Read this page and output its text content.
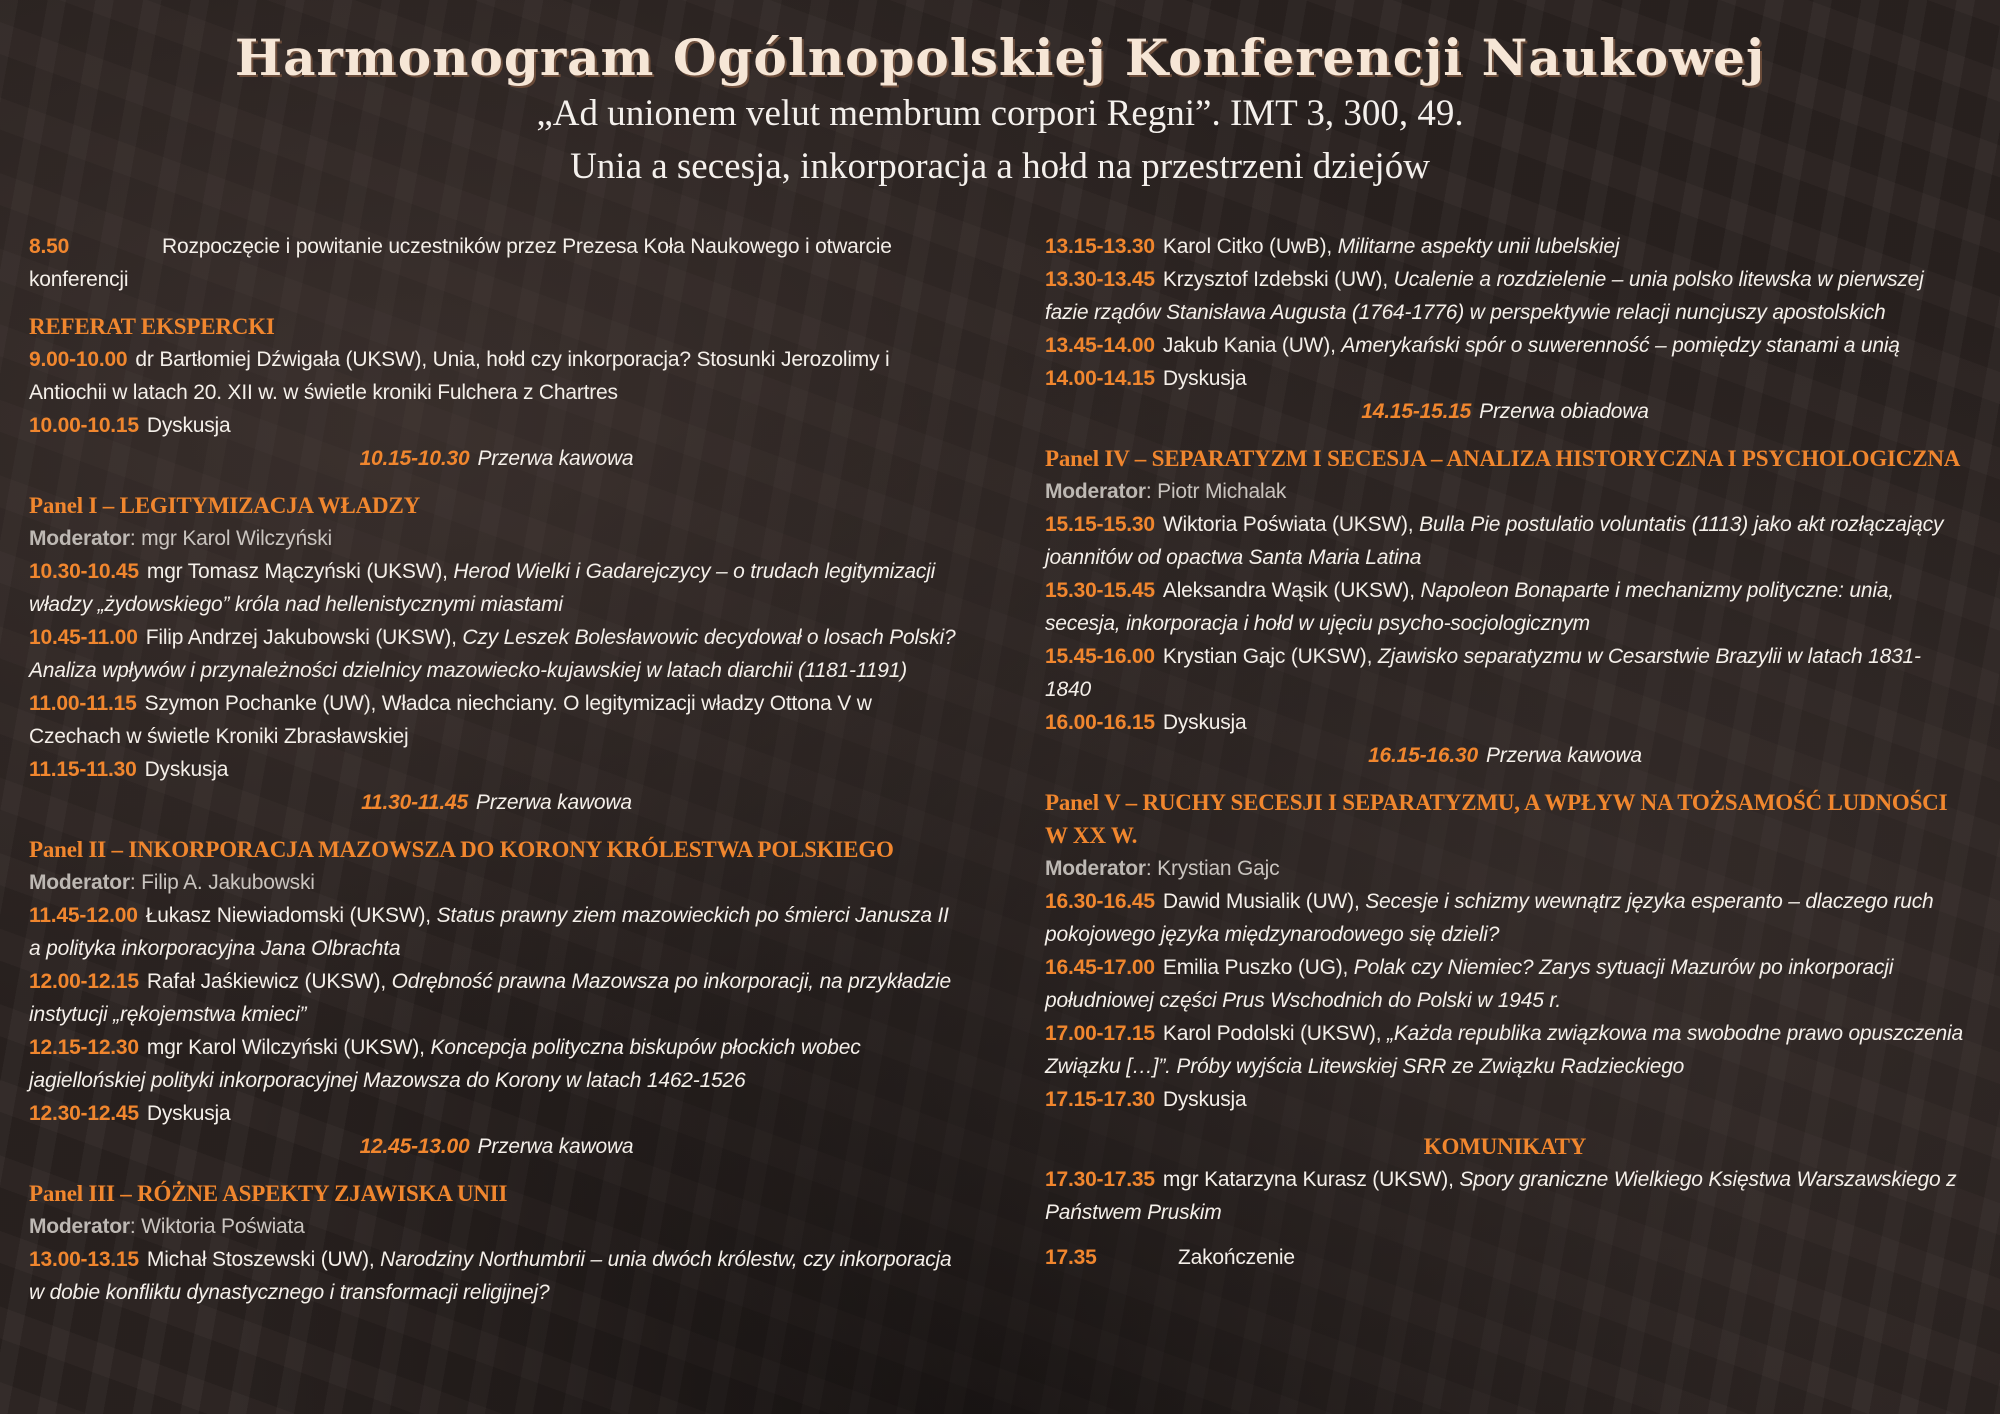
Harmonogram Ogólnopolskiej Konferencji Naukowej
„Ad unionem velut membrum corpori Regni”. IMT 3, 300, 49.
Unia a secesja, inkorporacja a hołd na przestrzeni dziejów
8.50	Rozpoczęcie i powitanie uczestników przez Prezesa Koła Naukowego i otwarcie konferencji
REFERAT EKSPERCKI
9.00-10.00 dr Bartłomiej Dźwigała (UKSW), Unia, hołd czy inkorporacja? Stosunki Jerozolimy i Antiochii w latach 20. XII w. w świetle kroniki Fulchera z Chartres
10.00-10.15 Dyskusja
10.15-10.30 Przerwa kawowa
Panel I – LEGITYMIZACJA WŁADZY
Moderator: mgr Karol Wilczyński
10.30-10.45 mgr Tomasz Mączyński (UKSW), Herod Wielki i Gadarejczycy – o trudach legitymizacji władzy „żydowskiego” króla nad hellenistycznymi miastami
10.45-11.00 Filip Andrzej Jakubowski (UKSW), Czy Leszek Bolesławowic decydował o losach Polski? Analiza wpływów i przynależności dzielnicy mazowiecko-kujawskiej w latach diarchii (1181-1191)
11.00-11.15 Szymon Pochanke (UW), Władca niechciany. O legitymizacji władzy Ottona V w Czechach w świetle Kroniki Zbrasławskiej
11.15-11.30 Dyskusja
11.30-11.45 Przerwa kawowa
Panel II – INKORPORACJA MAZOWSZA DO KORONY KRÓLESTWA POLSKIEGO
Moderator: Filip A. Jakubowski
11.45-12.00 Łukasz Niewiadomski (UKSW), Status prawny ziem mazowieckich po śmierci Janusza II a polityka inkorporacyjna Jana Olbrachta
12.00-12.15 Rafał Jaśkiewicz (UKSW), Odrębność prawna Mazowsza po inkorporacji, na przykładzie instytucji „rękojemstwa kmieci”
12.15-12.30 mgr Karol Wilczyński (UKSW), Koncepcja polityczna biskupów płockich wobec jagiellońskiej polityki inkorporacyjnej Mazowsza do Korony w latach 1462-1526
12.30-12.45 Dyskusja
12.45-13.00 Przerwa kawowa
Panel III – RÓŻNE ASPEKTY ZJAWISKA UNII
Moderator: Wiktoria Poświata
13.00-13.15 Michał Stoszewski (UW), Narodziny Northumbrii – unia dwóch królestw, czy inkorporacja w dobie konfliktu dynastycznego i transformacji religijnej?
13.15-13.30 Karol Citko (UwB), Militarne aspekty unii lubelskiej
13.30-13.45 Krzysztof Izdebski (UW), Ucalenie a rozdzielenie – unia polsko litewska w pierwszej fazie rządów Stanisława Augusta (1764-1776) w perspektywie relacji nuncjuszy apostolskich
13.45-14.00 Jakub Kania (UW), Amerykański spór o suwerenność – pomiędzy stanami a unią
14.00-14.15 Dyskusja
14.15-15.15 Przerwa obiadowa
Panel IV – SEPARATYZM I SECESJA – ANALIZA HISTORYCZNA I PSYCHOLOGICZNA
Moderator: Piotr Michalak
15.15-15.30 Wiktoria Poświata (UKSW), Bulla Pie postulatio voluntatis (1113) jako akt rozłączający joannitów od opactwa Santa Maria Latina
15.30-15.45 Aleksandra Wąsik (UKSW), Napoleon Bonaparte i mechanizmy polityczne: unia, secesja, inkorporacja i hołd w ujęciu psycho-socjologicznym
15.45-16.00 Krystian Gajc (UKSW), Zjawisko separatyzmu w Cesarstwie Brazylii w latach 1831-1840
16.00-16.15 Dyskusja
16.15-16.30 Przerwa kawowa
Panel V – RUCHY SECESJI I SEPARATYZMU, A WPŁYW NA TOŻSAMOŚĆ LUDNOŚCI W XX W.
Moderator: Krystian Gajc
16.30-16.45 Dawid Musialik (UW), Secesje i schizmy wewnątrz języka esperanto – dlaczego ruch pokojowego języka międzynarodowego się dzieli?
16.45-17.00 Emilia Puszko (UG), Polak czy Niemiec? Zarys sytuacji Mazurów po inkorporacji południowej części Prus Wschodnich do Polski w 1945 r.
17.00-17.15 Karol Podolski (UKSW), „Każda republika związkowa ma swobodne prawo opuszczenia Związku […]”. Próby wyjścia Litewskiej SRR ze Związku Radzieckiego
17.15-17.30 Dyskusja
KOMUNIKATY
17.30-17.35 mgr Katarzyna Kurasz (UKSW), Spory graniczne Wielkiego Księstwa Warszawskiego z Państwem Pruskim
17.35	Zakończenie
